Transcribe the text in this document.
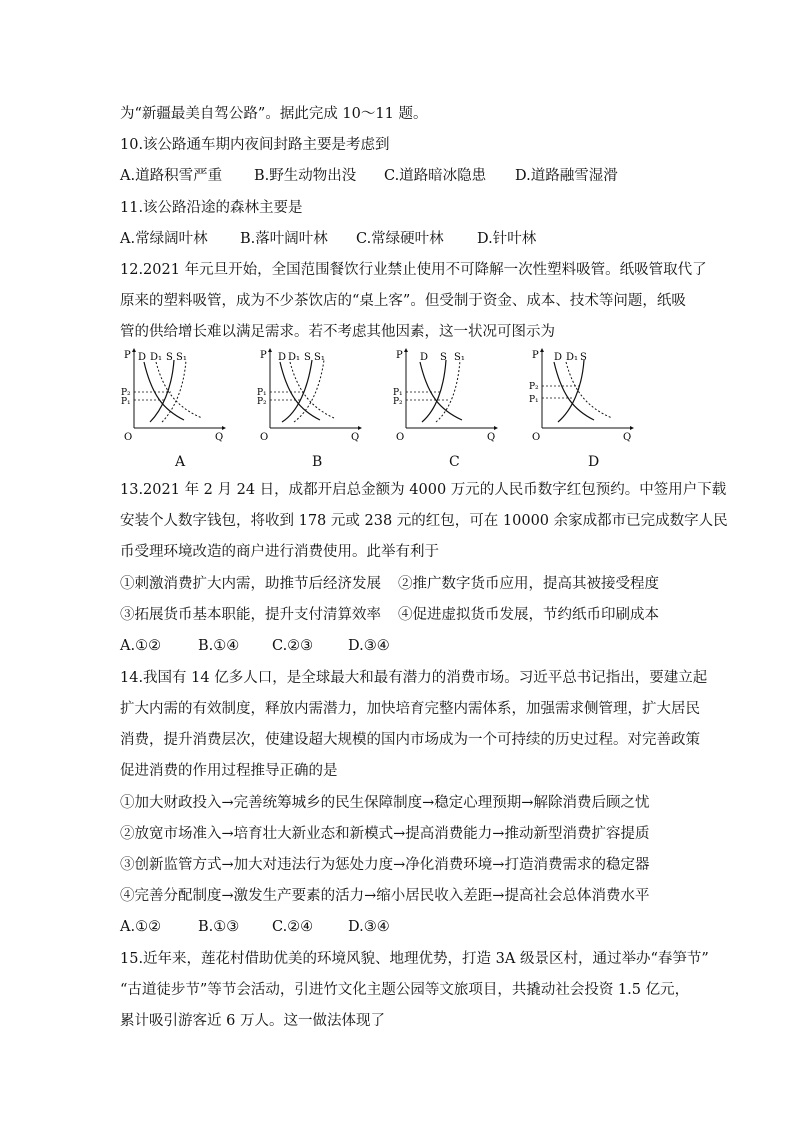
为“新疆最美自驾公路”。据此完成 10～11 题。
10.该公路通车期内夜间封路主要是考虑到
A.道路积雪严重 B.野生动物出没 C.道路暗冰隐患 D.道路融雪湿滑
11.该公路沿途的森林主要是
A.常绿阔叶林 B.落叶阔叶林 C.常绿硬叶林 D.针叶林
12.2021 年元旦开始，全国范围餐饮行业禁止使用不可降解一次性塑料吸管。纸吸管取代了
原来的塑料吸管，成为不少茶饮店的“桌上客”。但受制于资金、成本、技术等问题，纸吸
管的供给增长难以满足需求。若不考虑其他因素，这一状况可图示为
P
Q
O
P₂
P₁
D D₁ S S₁
A
P
Q
O
P₁
P₂
D D₁ S S₁
B
P
Q
O
P₁
P₂
D S S₁
C
P
Q
O
P₂
P₁
D D₁ S
D
13.2021 年 2 月 24 日，成都开启总金额为 4000 万元的人民币数字红包预约。中签用户下载
安装个人数字钱包，将收到 178 元或 238 元的红包，可在 10000 余家成都市已完成数字人民
币受理环境改造的商户进行消费使用。此举有利于
①刺激消费扩大内需，助推节后经济发展 ②推广数字货币应用，提高其被接受程度
③拓展货币基本职能，提升支付清算效率 ④促进虚拟货币发展，节约纸币印刷成本
A.①②	B.①④ C.②③ D.③④
14.我国有 14 亿多人口，是全球最大和最有潜力的消费市场。习近平总书记指出，要建立起
扩大内需的有效制度，释放内需潜力，加快培育完整内需体系，加强需求侧管理，扩大居民
消费，提升消费层次，使建设超大规模的国内市场成为一个可持续的历史过程。对完善政策
促进消费的作用过程推导正确的是
①加大财政投入→完善统筹城乡的民生保障制度→稳定心理预期→解除消费后顾之忧
②放宽市场准入→培育壮大新业态和新模式→提高消费能力→推动新型消费扩容提质
③创新监管方式→加大对违法行为惩处力度→净化消费环境→打造消费需求的稳定器
④完善分配制度→激发生产要素的活力→缩小居民收入差距→提高社会总体消费水平
A.①②	B.①③ C.②④ D.③④
15.近年来，莲花村借助优美的环境风貌、地理优势，打造 3A 级景区村，通过举办“春笋节”
“古道徒步节”等节会活动，引进竹文化主题公园等文旅项目，共撬动社会投资 1.5 亿元，
累计吸引游客近 6 万人。这一做法体现了
